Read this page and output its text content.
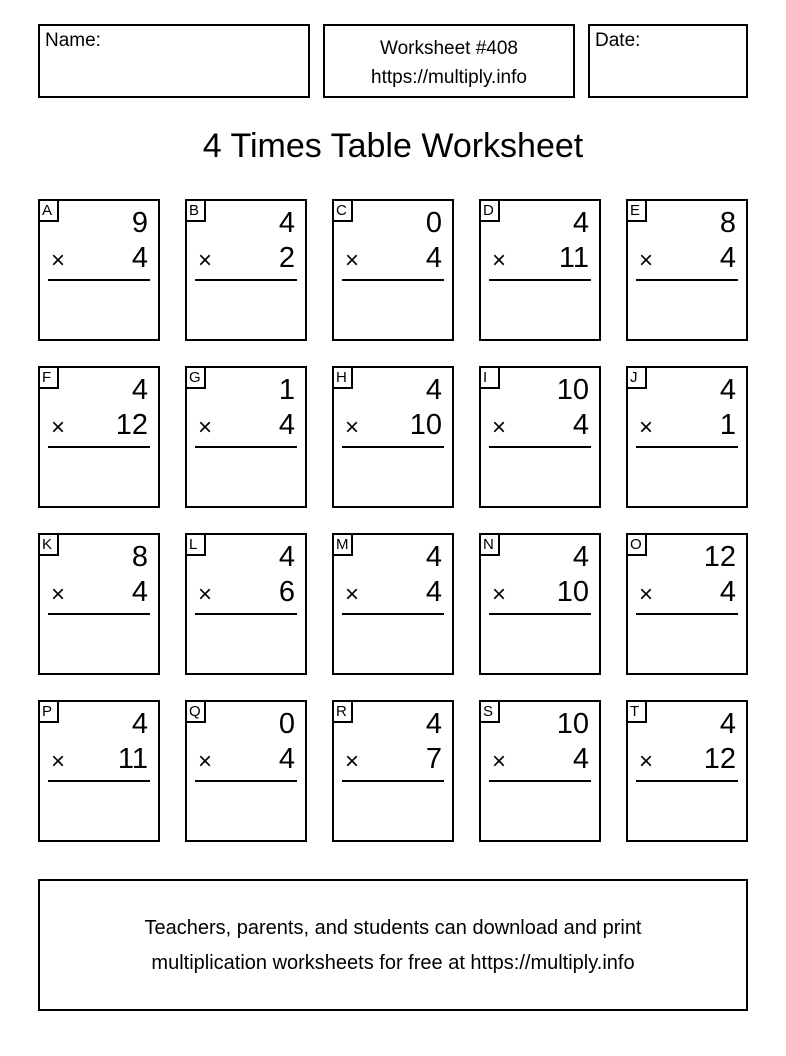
Name:	Worksheet #408
https://multiply.info
Date:
4 Times Table Worksheet
A	9
× 4
B	4
× 2
C	0
× 4
D	4
× 11
E	8
× 4
F	4
× 12
G	1
× 4
H	4
× 10
I	10
× 4
J	4
× 1
K	8
× 4
L	4
× 6
M	4
× 4
N	4
× 10
O 12
× 4
P	4
× 11
Q	0
× 4
R	4
× 7
S 10
× 4
T	4
× 12
Teachers, parents, and students can download and print
multiplication worksheets for free at https://multiply.info
